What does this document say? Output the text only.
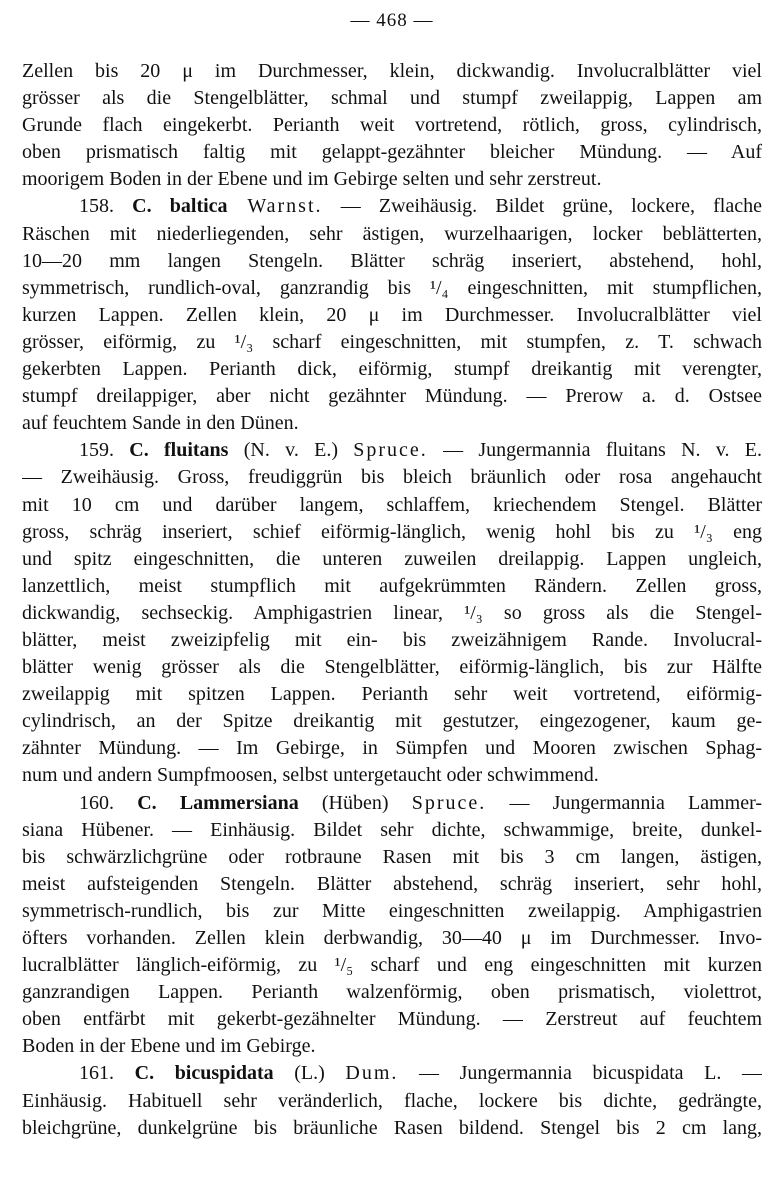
— 468 —
Zellen bis 20 μ im Durchmesser, klein, dickwandig. Involucralblätter viel
grösser als die Stengelblätter, schmal und stumpf zweilappig, Lappen am
Grunde flach eingekerbt. Perianth weit vortretend, rötlich, gross, cylindrisch,
oben prismatisch faltig mit gelappt-gezähnter bleicher Mündung. — Auf
moorigem Boden in der Ebene und im Gebirge selten und sehr zerstreut.
158. C. baltica Warnst. — Zweihäusig. Bildet grüne, lockere, flache
Räschen mit niederliegenden, sehr ästigen, wurzelhaarigen, locker beblätterten,
10—20 mm langen Stengeln. Blätter schräg inseriert, abstehend, hohl,
symmetrisch, rundlich-oval, ganzrandig bis ¹/₄ eingeschnitten, mit stumpflichen,
kurzen Lappen. Zellen klein, 20 μ im Durchmesser. Involucralblätter viel
grösser, eiförmig, zu ¹/₃ scharf eingeschnitten, mit stumpfen, z. T. schwach
gekerbten Lappen. Perianth dick, eiförmig, stumpf dreikantig mit verengter,
stumpf dreilappiger, aber nicht gezähnter Mündung. — Prerow a. d. Ostsee
auf feuchtem Sande in den Dünen.
159. C. fluitans (N. v. E.) Spruce. — Jungermannia fluitans N. v. E.
— Zweihäusig. Gross, freudiggrün bis bleich bräunlich oder rosa angehaucht
mit 10 cm und darüber langem, schlaffem, kriechendem Stengel. Blätter
gross, schräg inseriert, schief eiförmig-länglich, wenig hohl bis zu ¹/₃ eng
und spitz eingeschnitten, die unteren zuweilen dreilappig. Lappen ungleich,
lanzettlich, meist stumpflich mit aufgekrümmten Rändern. Zellen gross,
dickwandig, sechseckig. Amphigastrien linear, ¹/₃ so gross als die Stengel-
blätter, meist zweizipfelig mit ein- bis zweizähnigem Rande. Involucral-
blätter wenig grösser als die Stengelblätter, eiförmig-länglich, bis zur Hälfte
zweilappig mit spitzen Lappen. Perianth sehr weit vortretend, eiförmig-
cylindrisch, an der Spitze dreikantig mit gestutzer, eingezogener, kaum ge-
zähnter Mündung. — Im Gebirge, in Sümpfen und Mooren zwischen Sphag-
num und andern Sumpfmoosen, selbst untergetaucht oder schwimmend.
160. C. Lammersiana (Hüben) Spruce. — Jungermannia Lammer-
siana Hübener. — Einhäusig. Bildet sehr dichte, schwammige, breite, dunkel-
bis schwärzlichgrüne oder rotbraune Rasen mit bis 3 cm langen, ästigen,
meist aufsteigenden Stengeln. Blätter abstehend, schräg inseriert, sehr hohl,
symmetrisch-rundlich, bis zur Mitte eingeschnitten zweilappig. Amphigastrien
öfters vorhanden. Zellen klein derbwandig, 30—40 μ im Durchmesser. Invo-
lucralblätter länglich-eiförmig, zu ¹/₅ scharf und eng eingeschnitten mit kurzen
ganzrandigen Lappen. Perianth walzenförmig, oben prismatisch, violettrot,
oben entfärbt mit gekerbt-gezähnelter Mündung. — Zerstreut auf feuchtem
Boden in der Ebene und im Gebirge.
161. C. bicuspidata (L.) Dum. — Jungermannia bicuspidata L. —
Einhäusig. Habituell sehr veränderlich, flache, lockere bis dichte, gedrängte,
bleichgrüne, dunkelgrüne bis bräunliche Rasen bildend. Stengel bis 2 cm lang,
